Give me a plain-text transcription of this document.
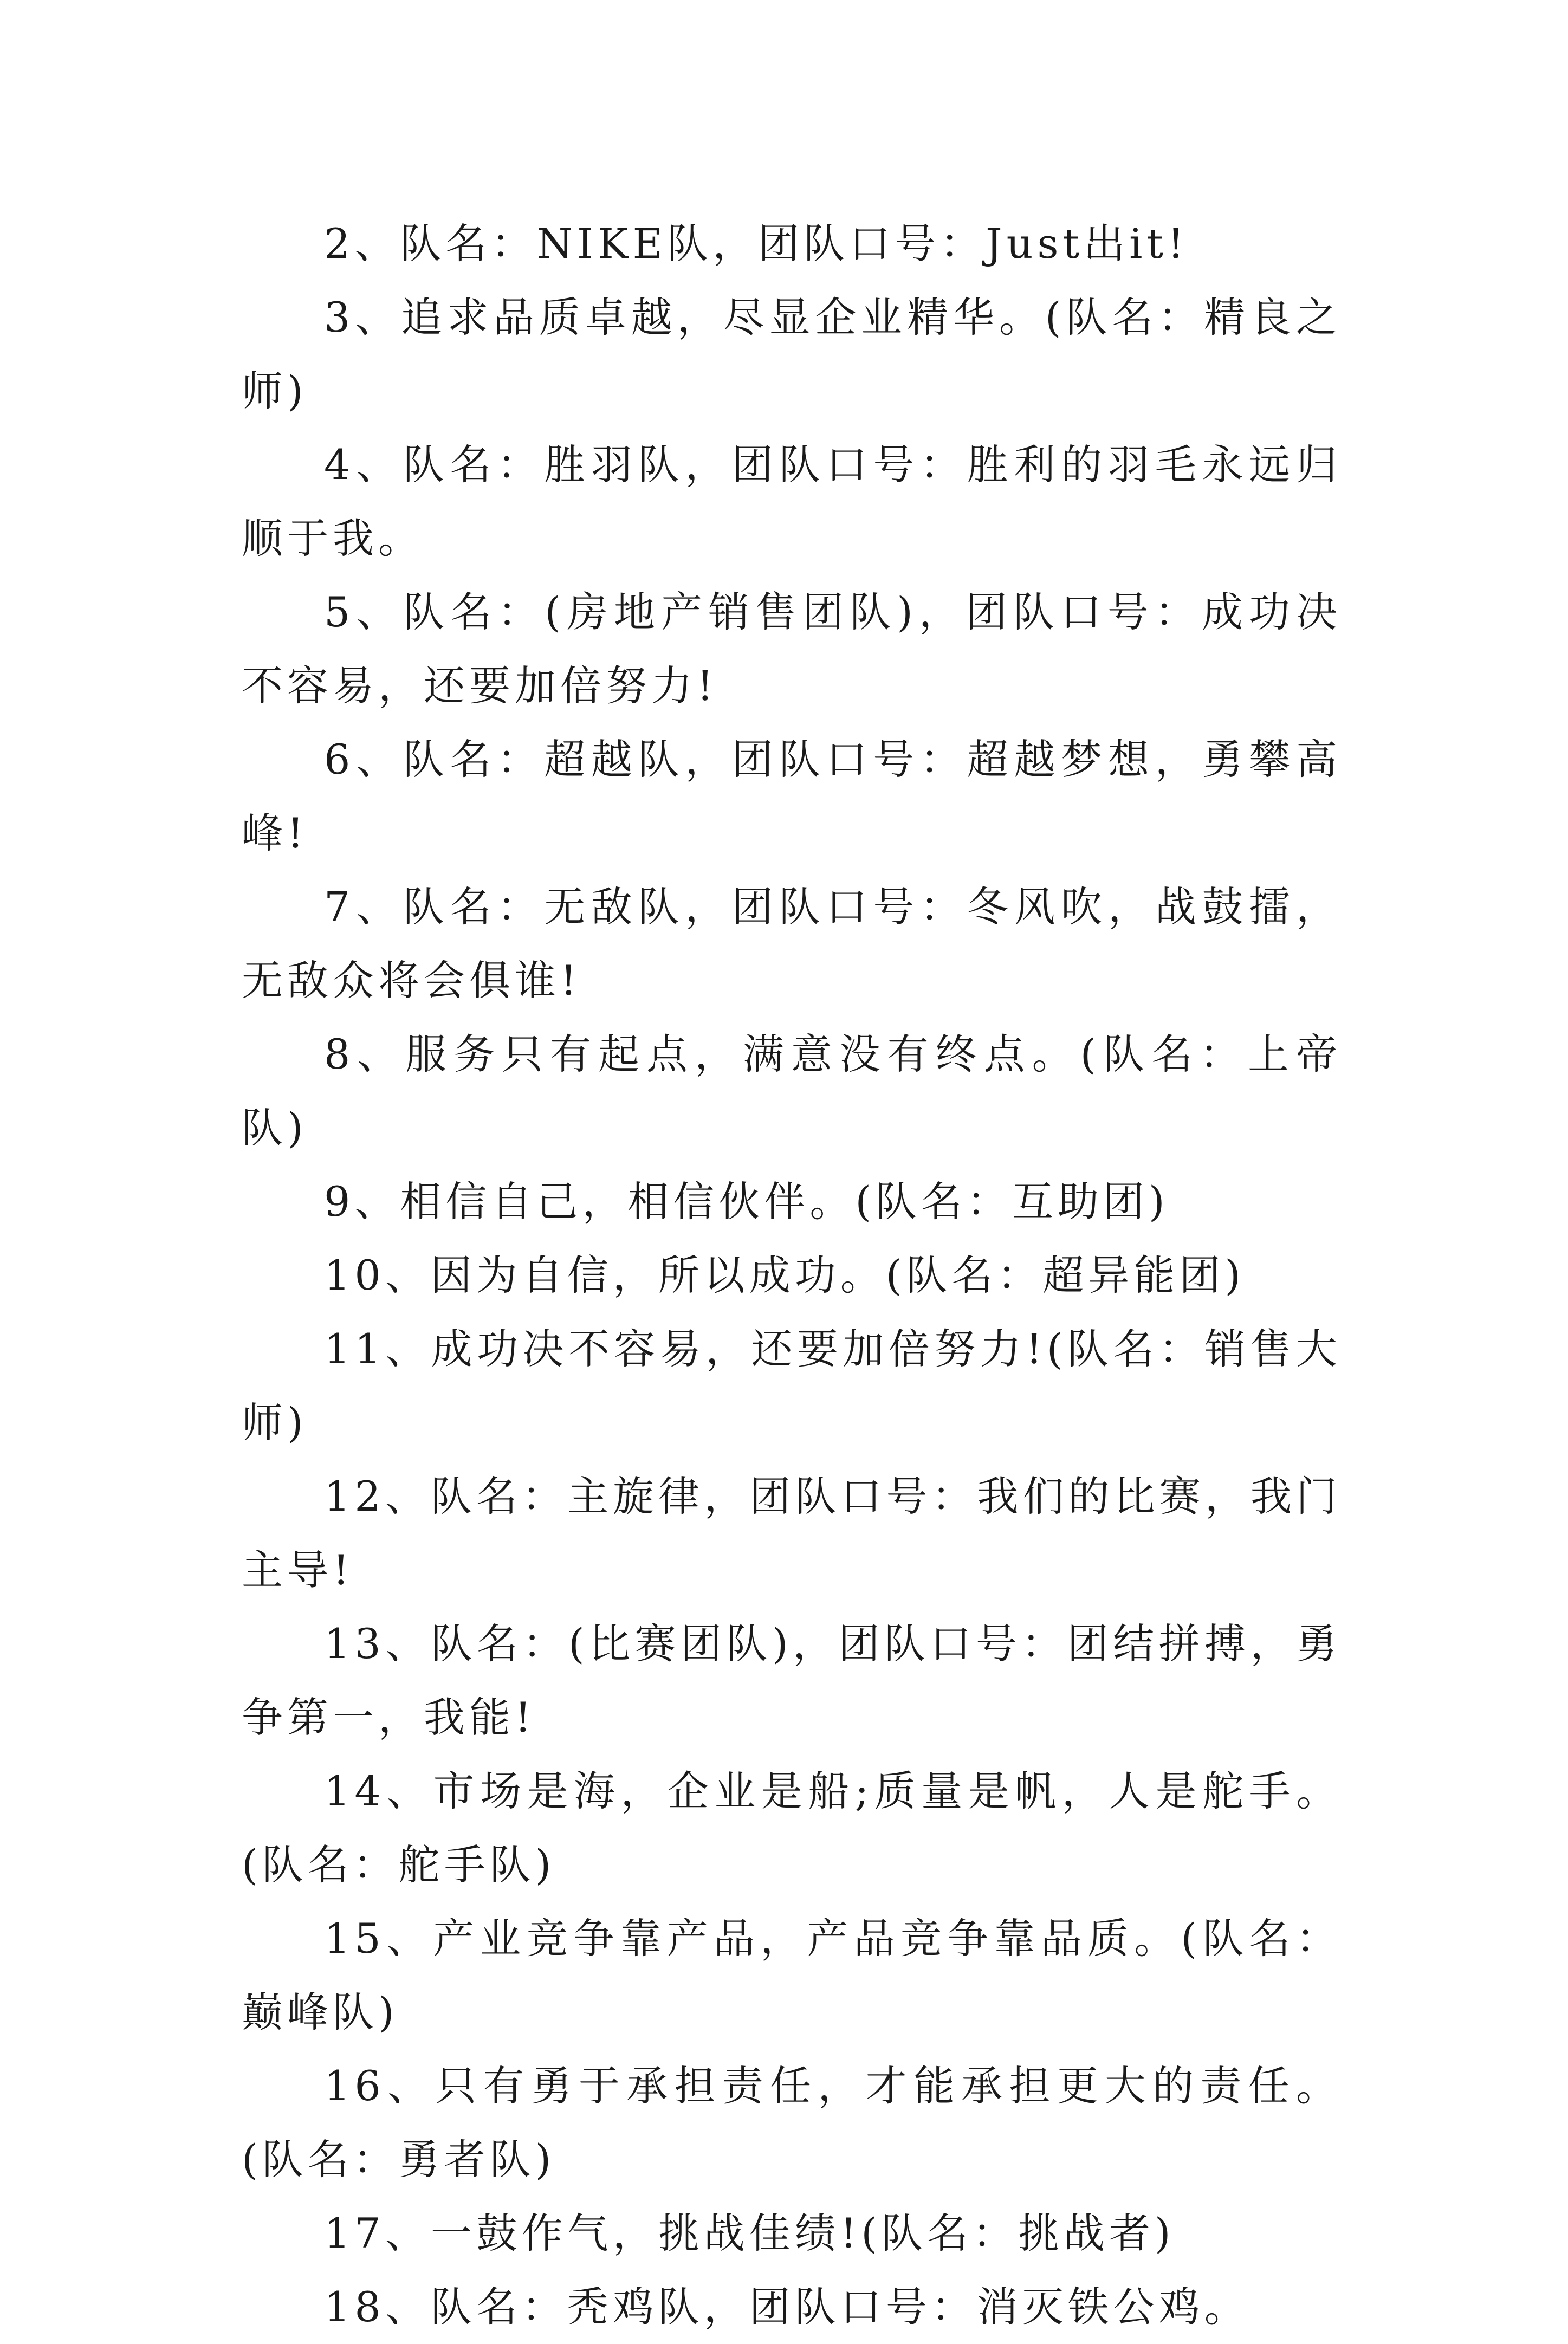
2、队名：NIKE队，团队口号：Just出it!

3、追求品质卓越，尽显企业精华。(队名：精良之师)

4、队名：胜羽队，团队口号：胜利的羽毛永远归顺于我。

5、队名：(房地产销售团队)，团队口号：成功决不容易，还要加倍努力!

6、队名：超越队，团队口号：超越梦想，勇攀高峰!

7、队名：无敌队，团队口号：冬风吹，战鼓擂，无敌众将会俱谁!

8、服务只有起点，满意没有终点。(队名：上帝队)

9、相信自己，相信伙伴。(队名：互助团)

10、因为自信，所以成功。(队名：超异能团)

11、成功决不容易，还要加倍努力!(队名：销售大师)

12、队名：主旋律，团队口号：我们的比赛，我门主导!

13、队名：(比赛团队)，团队口号：团结拼搏，勇争第一，我能!

14、市场是海，企业是船;质量是帆，人是舵手。(队名：舵手队)

15、产业竞争靠产品，产品竞争靠品质。(队名：巅峰队)

16、只有勇于承担责任，才能承担更大的责任。(队名：勇者队)

17、一鼓作气，挑战佳绩!(队名：挑战者)

18、队名：秃鸡队，团队口号：消灭铁公鸡。
